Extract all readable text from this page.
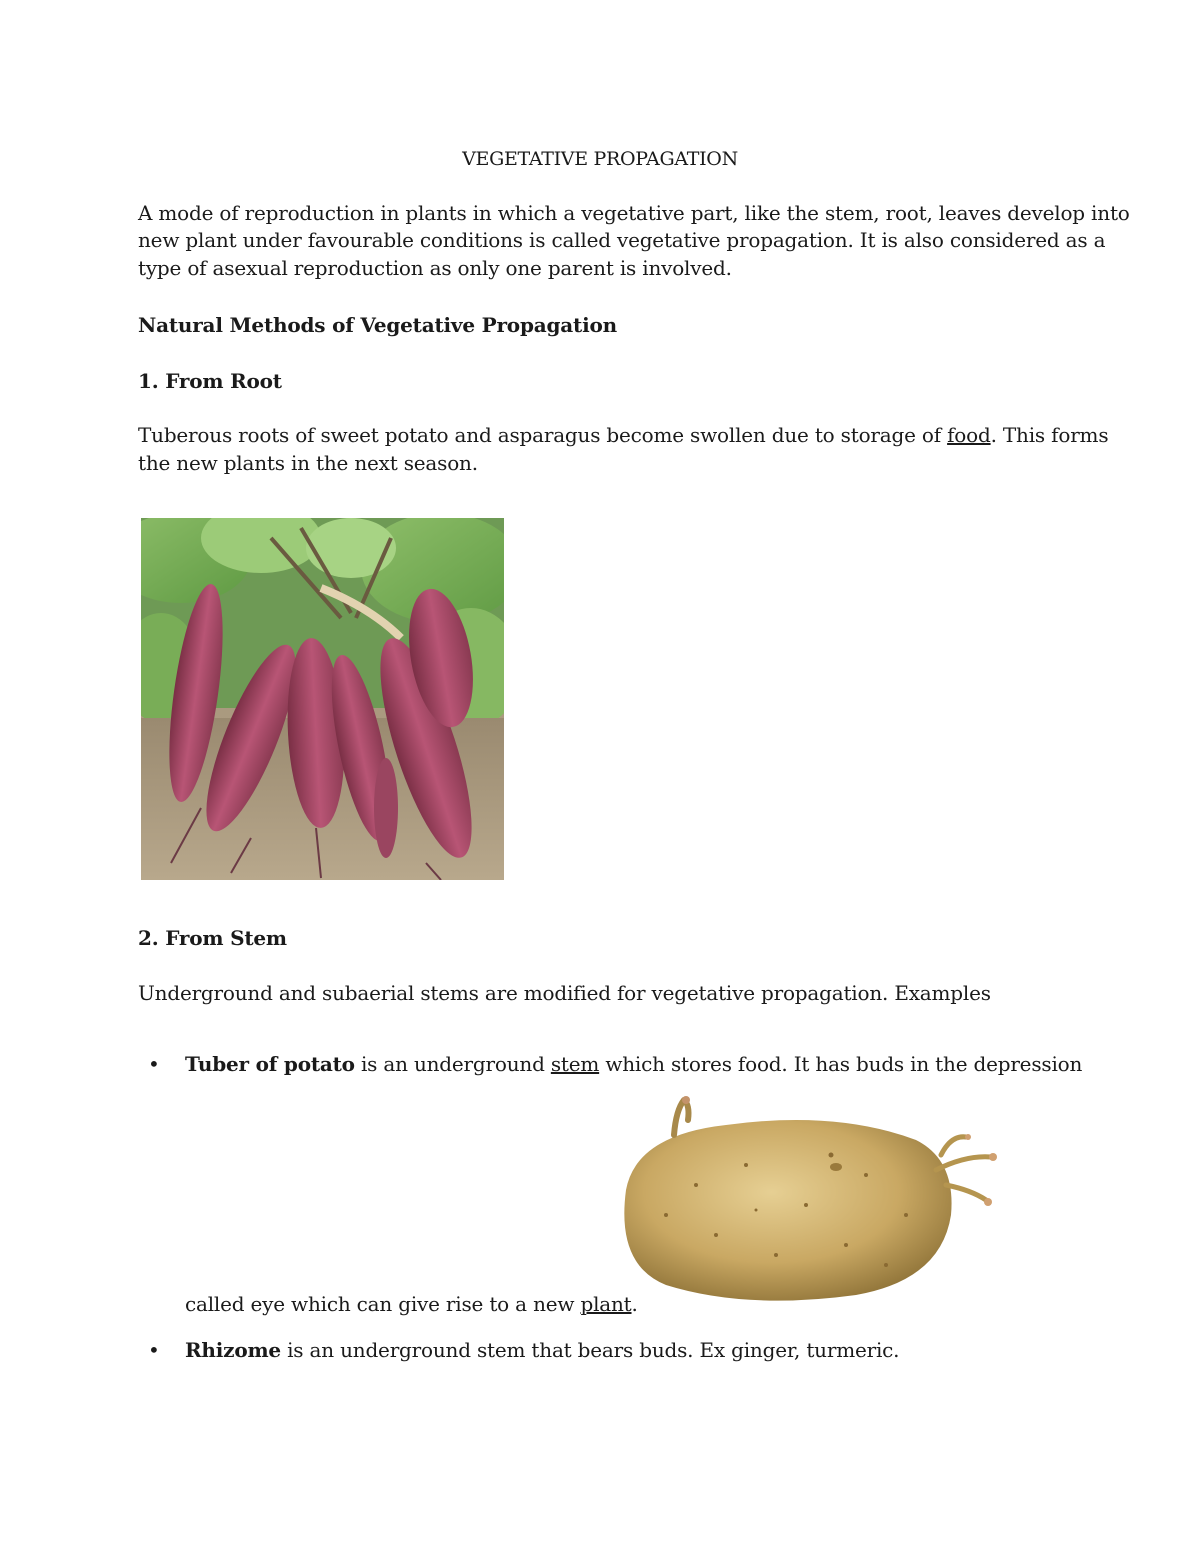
VEGETATIVE PROPAGATION
A mode of reproduction in plants in which a vegetative part, like the stem, root, leaves develop into
new plant under favourable conditions is called vegetative propagation. It is also considered as a
type of asexual reproduction as only one parent is involved.
Natural Methods of Vegetative Propagation
1. From Root
Tuberous roots of sweet potato and asparagus become swollen due to storage of food. This forms
the new plants in the next season.
2. From Stem
Underground and subaerial stems are modified for vegetative propagation. Examples
• Tuber of potato is an underground stem which stores food. It has buds in the depression
called eye which can give rise to a new plant.
• Rhizome is an underground stem that bears buds. Ex ginger, turmeric.
